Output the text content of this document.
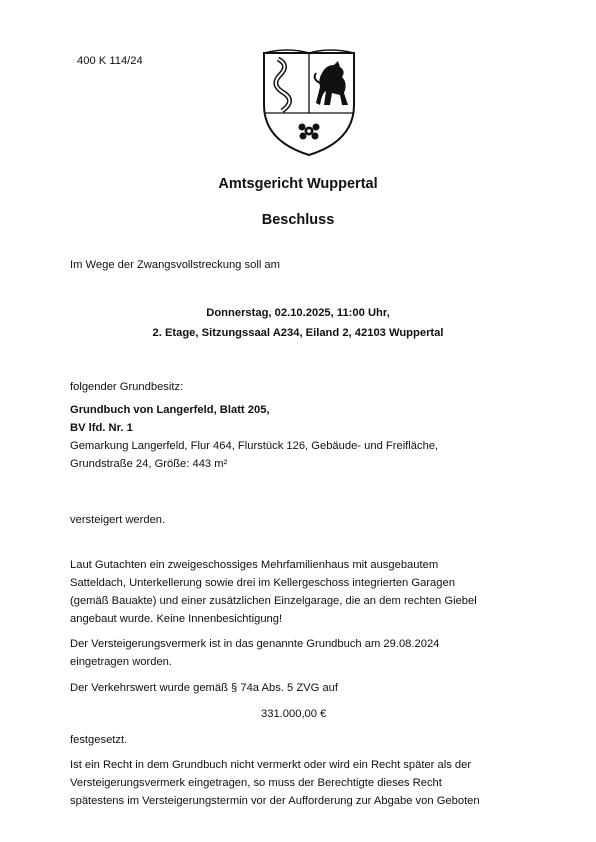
400 K 114/24
Amtsgericht Wuppertal
Beschluss
Im Wege der Zwangsvollstreckung soll am
Donnerstag, 02.10.2025, 11:00 Uhr,
2. Etage, Sitzungssaal A234, Eiland 2, 42103 Wuppertal
folgender Grundbesitz:
Grundbuch von Langerfeld, Blatt 205,
BV lfd. Nr. 1
Gemarkung Langerfeld, Flur 464, Flurstück 126, Gebäude- und Freifläche,
Grundstraße 24, Größe: 443 m²
versteigert werden.
Laut Gutachten ein zweigeschossiges Mehrfamilienhaus mit ausgebautem
Satteldach, Unterkellerung sowie drei im Kellergeschoss integrierten Garagen
(gemäß Bauakte) und einer zusätzlichen Einzelgarage, die an dem rechten Giebel
angebaut wurde. Keine Innenbesichtigung!
Der Versteigerungsvermerk ist in das genannte Grundbuch am 29.08.2024
eingetragen worden.
Der Verkehrswert wurde gemäß § 74a Abs. 5 ZVG auf
331.000,00 €
festgesetzt.
Ist ein Recht in dem Grundbuch nicht vermerkt oder wird ein Recht später als der
Versteigerungsvermerk eingetragen, so muss der Berechtigte dieses Recht
spätestens im Versteigerungstermin vor der Aufforderung zur Abgabe von Geboten
